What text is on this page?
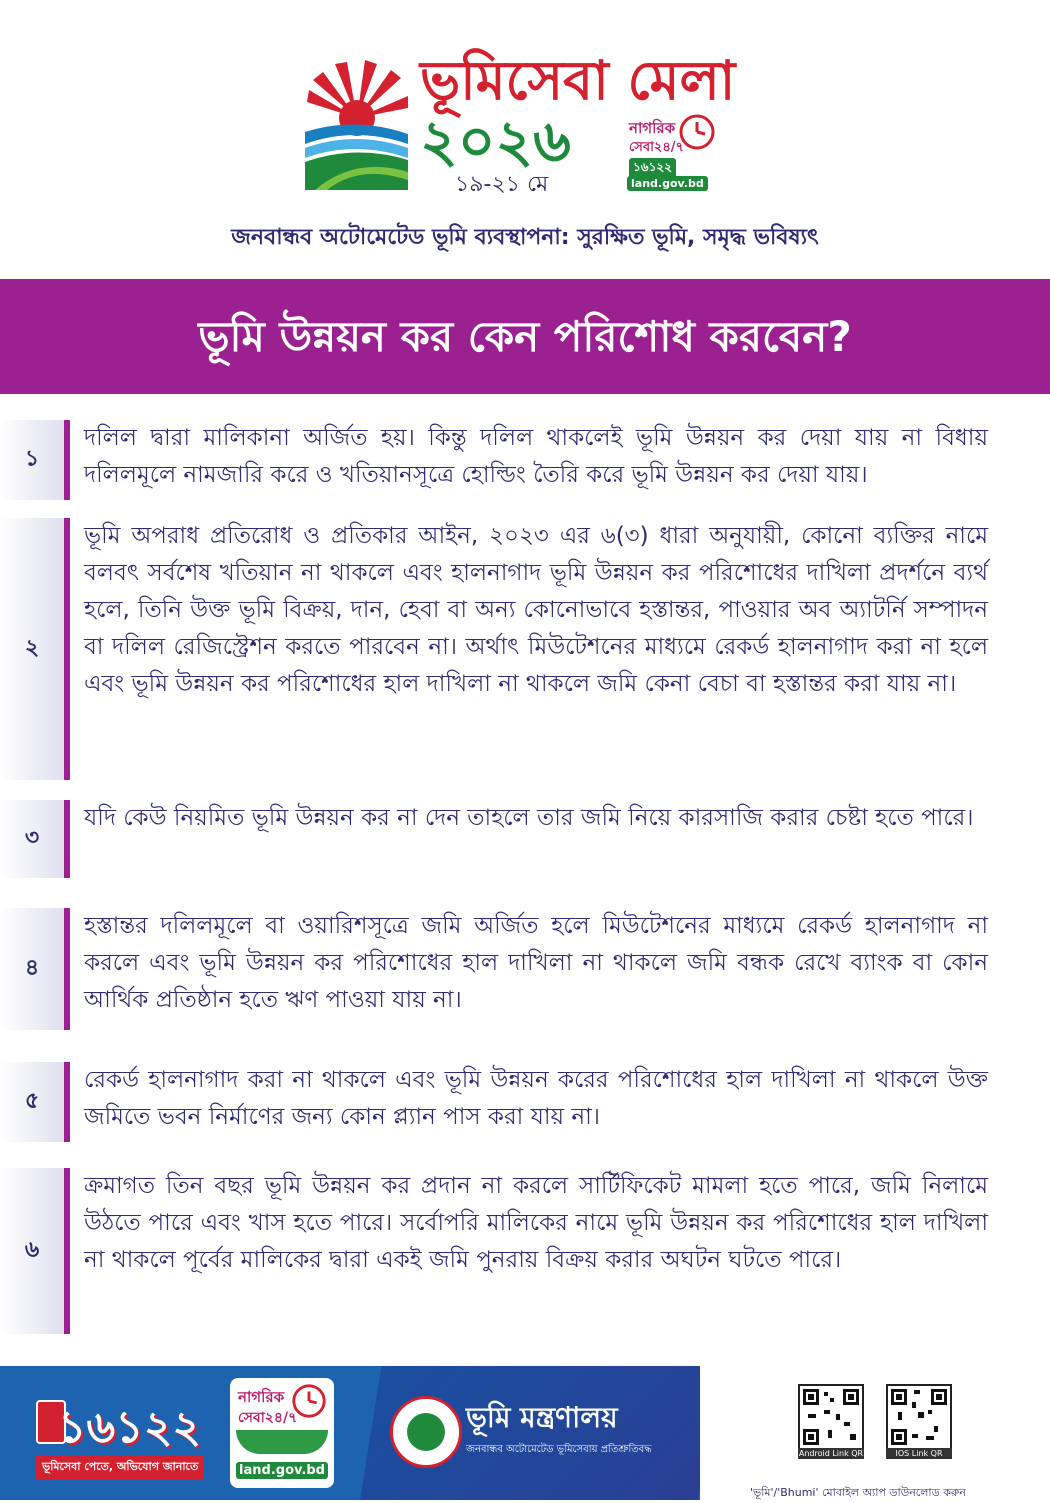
ভূমিসেবা মেলা
২০২৬
১৯-২১ মে
নাগরিক
সেবা২৪/৭
১৬১২২
land.gov.bd
জনবান্ধব অটোমেটেড ভূমি ব্যবস্থাপনা: সুরক্ষিত ভূমি, সমৃদ্ধ ভবিষ্যৎ
ভূমি উন্নয়ন কর কেন পরিশোধ করবেন?
১
দলিল দ্বারা মালিকানা অর্জিত হয়। কিন্তু দলিল থাকলেই ভূমি উন্নয়ন কর দেয়া যায় না বিধায় দলিলমূলে নামজারি করে ও খতিয়ানসূত্রে হোল্ডিং তৈরি করে ভূমি উন্নয়ন কর দেয়া যায়।
২
ভূমি অপরাধ প্রতিরোধ ও প্রতিকার আইন, ২০২৩ এর ৬(৩) ধারা অনুযায়ী, কোনো ব্যক্তির নামে বলবৎ সর্বশেষ খতিয়ান না থাকলে এবং হালনাগাদ ভূমি উন্নয়ন কর পরিশোধের দাখিলা প্রদর্শনে ব্যর্থ হলে, তিনি উক্ত ভূমি বিক্রয়, দান, হেবা বা অন্য কোনোভাবে হস্তান্তর, পাওয়ার অব অ্যাটর্নি সম্পাদন বা দলিল রেজিস্ট্রেশন করতে পারবেন না। অর্থাৎ মিউটেশনের মাধ্যমে রেকর্ড হালনাগাদ করা না হলে এবং ভূমি উন্নয়ন কর পরিশোধের হাল দাখিলা না থাকলে জমি কেনা বেচা বা হস্তান্তর করা যায় না।
৩
যদি কেউ নিয়মিত ভূমি উন্নয়ন কর না দেন তাহলে তার জমি নিয়ে কারসাজি করার চেষ্টা হতে পারে।
৪
হস্তান্তর দলিলমূলে বা ওয়ারিশসূত্রে জমি অর্জিত হলে মিউটেশনের মাধ্যমে রেকর্ড হালনাগাদ না করলে এবং ভূমি উন্নয়ন কর পরিশোধের হাল দাখিলা না থাকলে জমি বন্ধক রেখে ব্যাংক বা কোন আর্থিক প্রতিষ্ঠান হতে ঋণ পাওয়া যায় না।
৫
রেকর্ড হালনাগাদ করা না থাকলে এবং ভূমি উন্নয়ন করের পরিশোধের হাল দাখিলা না থাকলে উক্ত জমিতে ভবন নির্মাণের জন্য কোন প্ল্যান পাস করা যায় না।
৬
ক্রমাগত তিন বছর ভূমি উন্নয়ন কর প্রদান না করলে সার্টিফিকেট মামলা হতে পারে, জমি নিলামে উঠতে পারে এবং খাস হতে পারে। সর্বোপরি মালিকের নামে ভূমি উন্নয়ন কর পরিশোধের হাল দাখিলা না থাকলে পূর্বের মালিকের দ্বারা একই জমি পুনরায় বিক্রয় করার অঘটন ঘটতে পারে।
১৬১২২
ভূমিসেবা পেতে, অভিযোগ জানাতে
নাগরিক
সেবা২৪/৭
land.gov.bd
ভূমি মন্ত্রণালয়
জনবান্ধব অটোমেটেড ভূমিসেবায় প্রতিশ্রুতিবদ্ধ	Android Link QR	IOS Link QR
'ভূমি'/'Bhumi' মোবাইল অ্যাপ ডাউনলোড করুন
